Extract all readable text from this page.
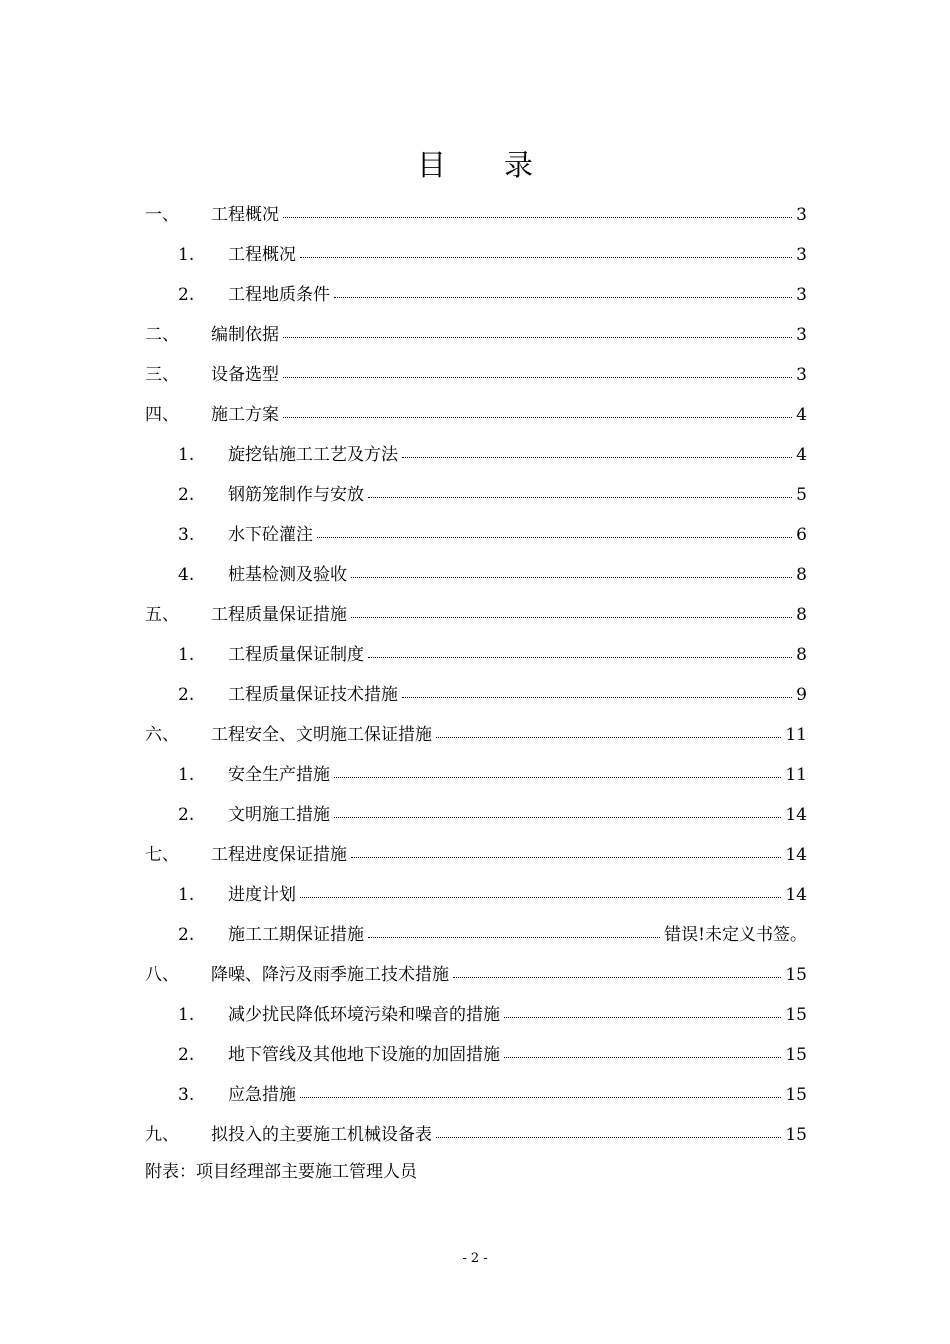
目 录
一、	工程概况	3
1.	工程概况	3
2.	工程地质条件	3
二、	编制依据	3
三、	设备选型	3
四、	施工方案	4
1.	旋挖钻施工工艺及方法	4
2.	钢筋笼制作与安放	5
3.	水下砼灌注	6
4.	桩基检测及验收	8
五、	工程质量保证措施	8
1.	工程质量保证制度	8
2.	工程质量保证技术措施	9
六、	工程安全、文明施工保证措施	11
1.	安全生产措施	11
2.	文明施工措施	14
七、	工程进度保证措施	14
1.	进度计划	14
2.	施工工期保证措施	错误!未定义书签。
八、	降噪、降污及雨季施工技术措施	15
1.	减少扰民降低环境污染和噪音的措施	15
2.	地下管线及其他地下设施的加固措施	15
3.	应急措施	15
九、	拟投入的主要施工机械设备表	15
附表：项目经理部主要施工管理人员
- 2 -
